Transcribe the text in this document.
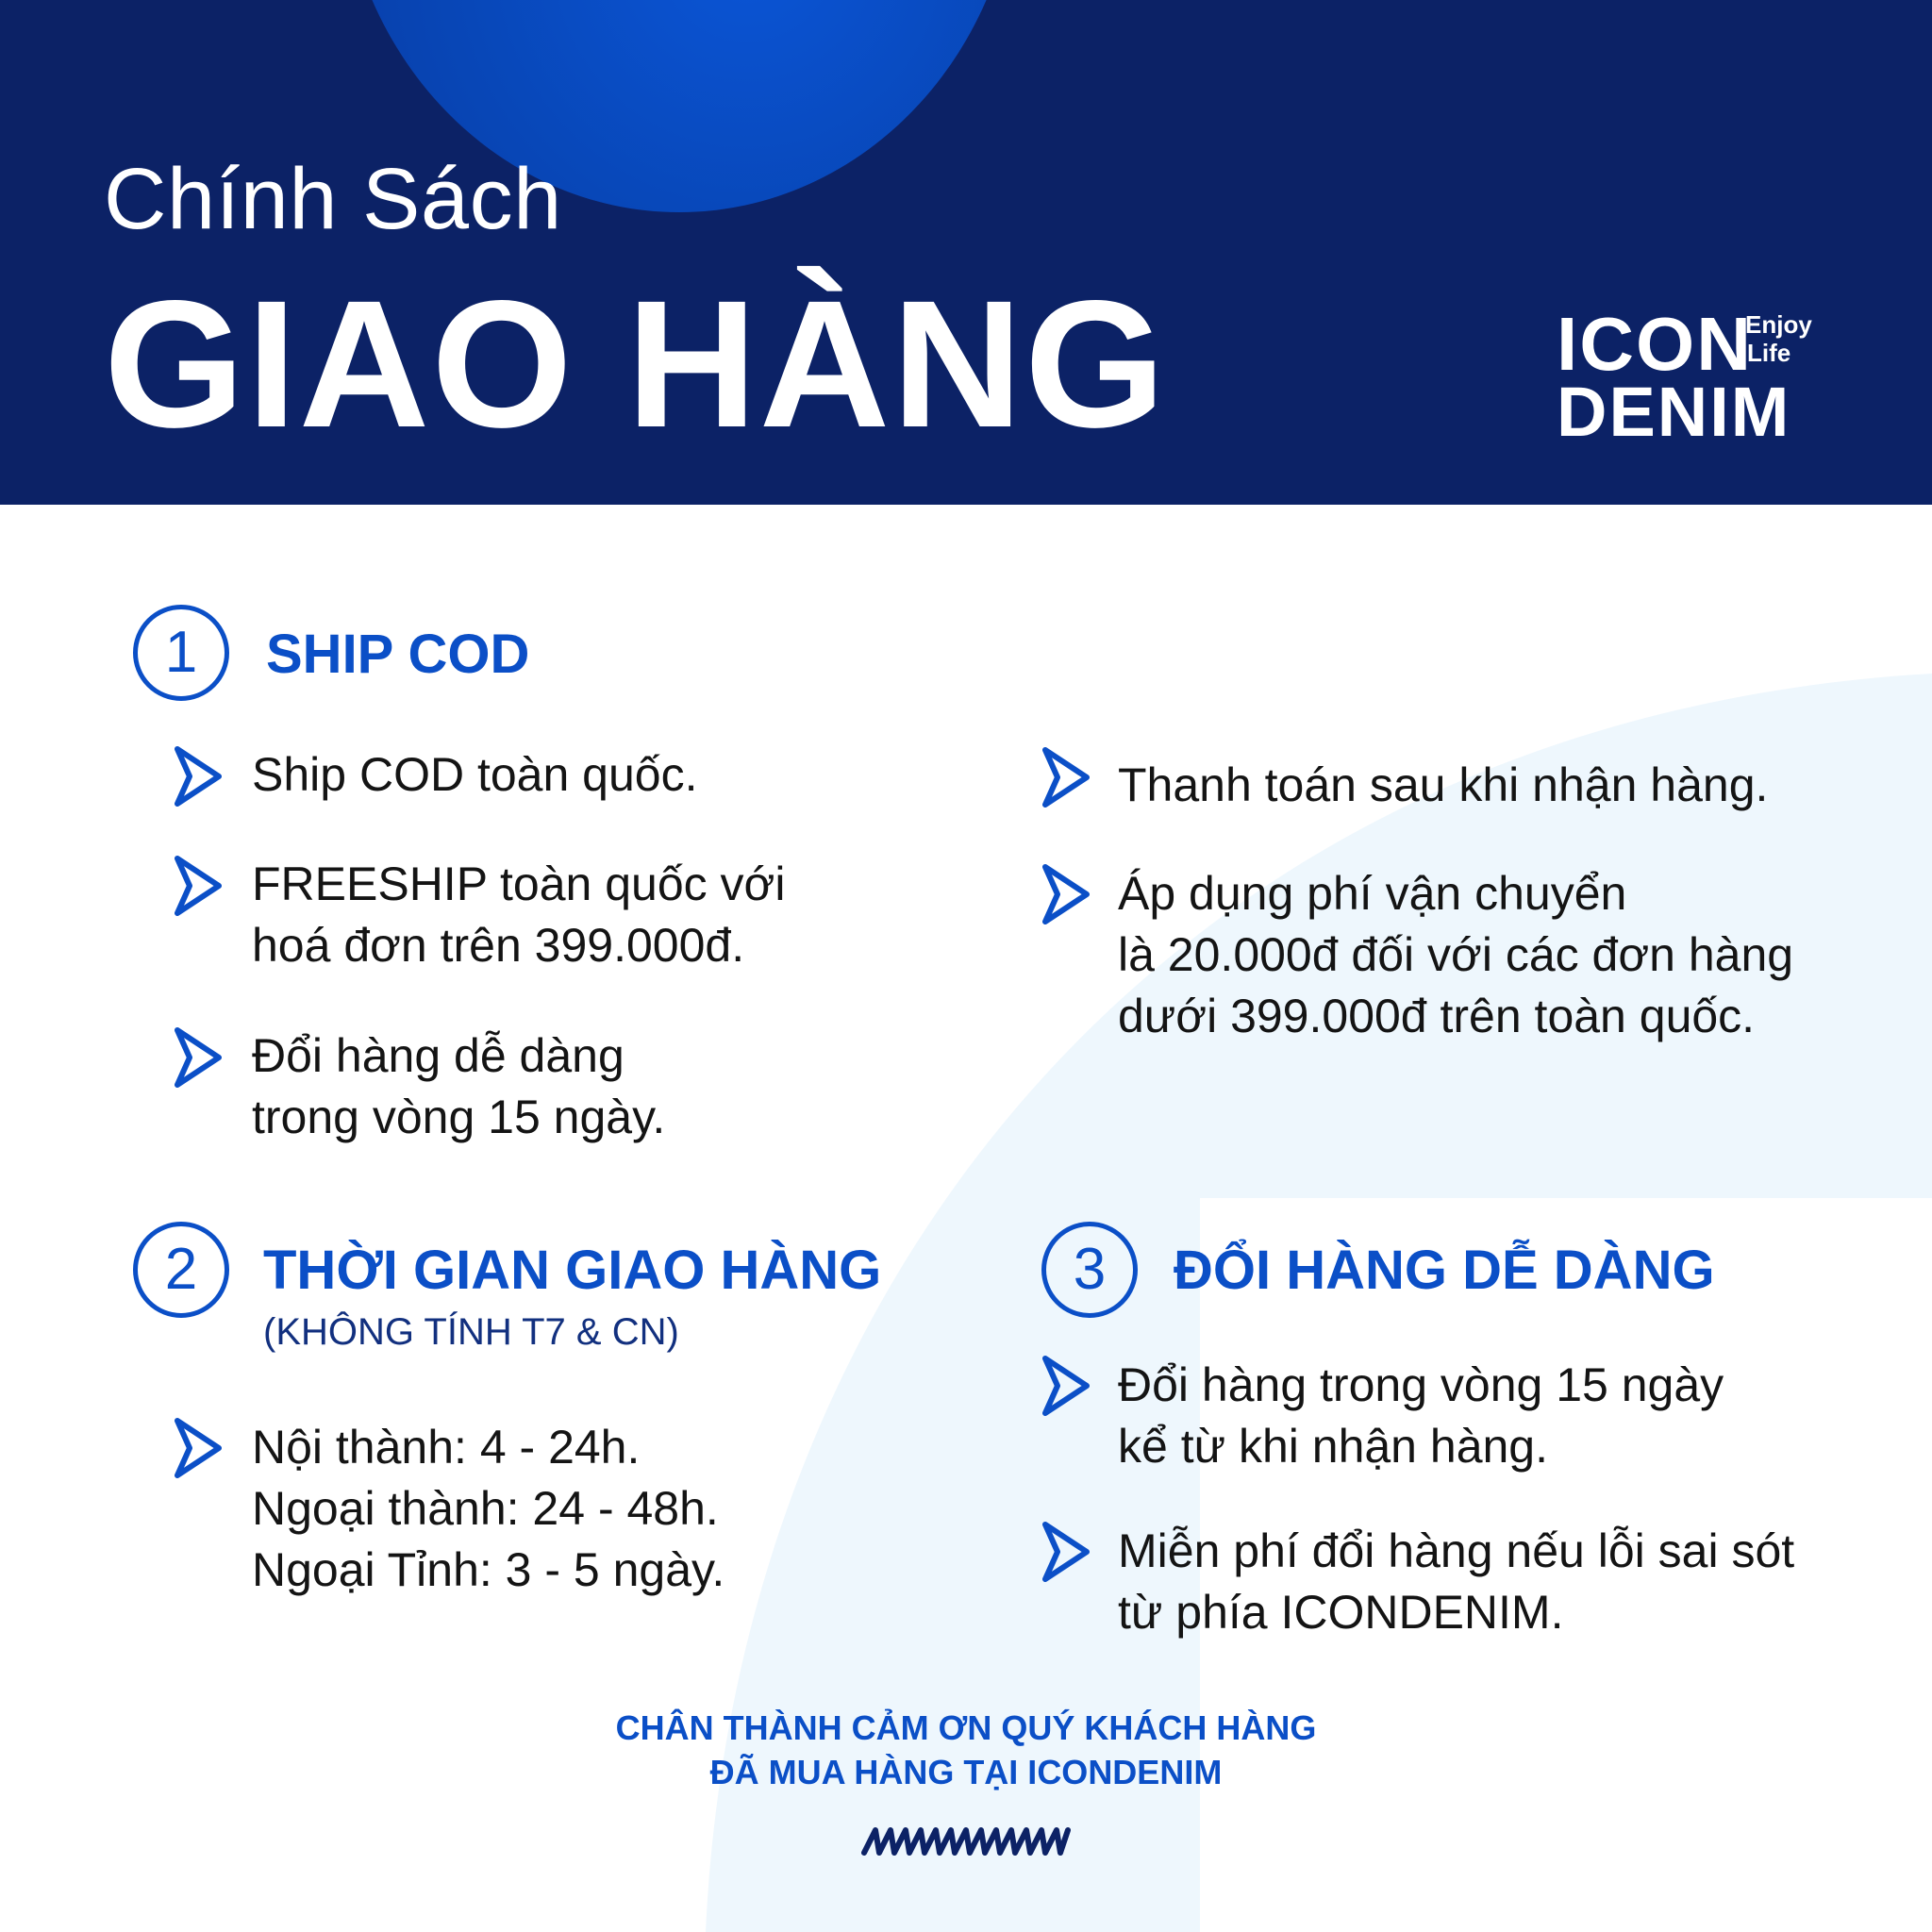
Chính Sách
GIAO HÀNG	ICON
DENIM
Enjoy
Life
1	SHIP COD
Ship COD toàn quốc.
FREESHIP toàn quốc với
hoá đơn trên 399.000đ.
Đổi hàng dễ dàng
trong vòng 15 ngày.
Thanh toán sau khi nhận hàng.
Áp dụng phí vận chuyển
là 20.000đ đối với các đơn hàng
dưới 399.000đ trên toàn quốc.
2	THỜI GIAN GIAO HÀNG
(KHÔNG TÍNH T7 & CN)
Nội thành: 4 - 24h.
Ngoại thành: 24 - 48h.
Ngoại Tỉnh: 3 - 5 ngày.
3	ĐỔI HÀNG DỄ DÀNG
Đổi hàng trong vòng 15 ngày
kể từ khi nhận hàng.
Miễn phí đổi hàng nếu lỗi sai sót
từ phía ICONDENIM.
CHÂN THÀNH CẢM ƠN QUÝ KHÁCH HÀNG
ĐÃ MUA HÀNG TẠI ICONDENIM
